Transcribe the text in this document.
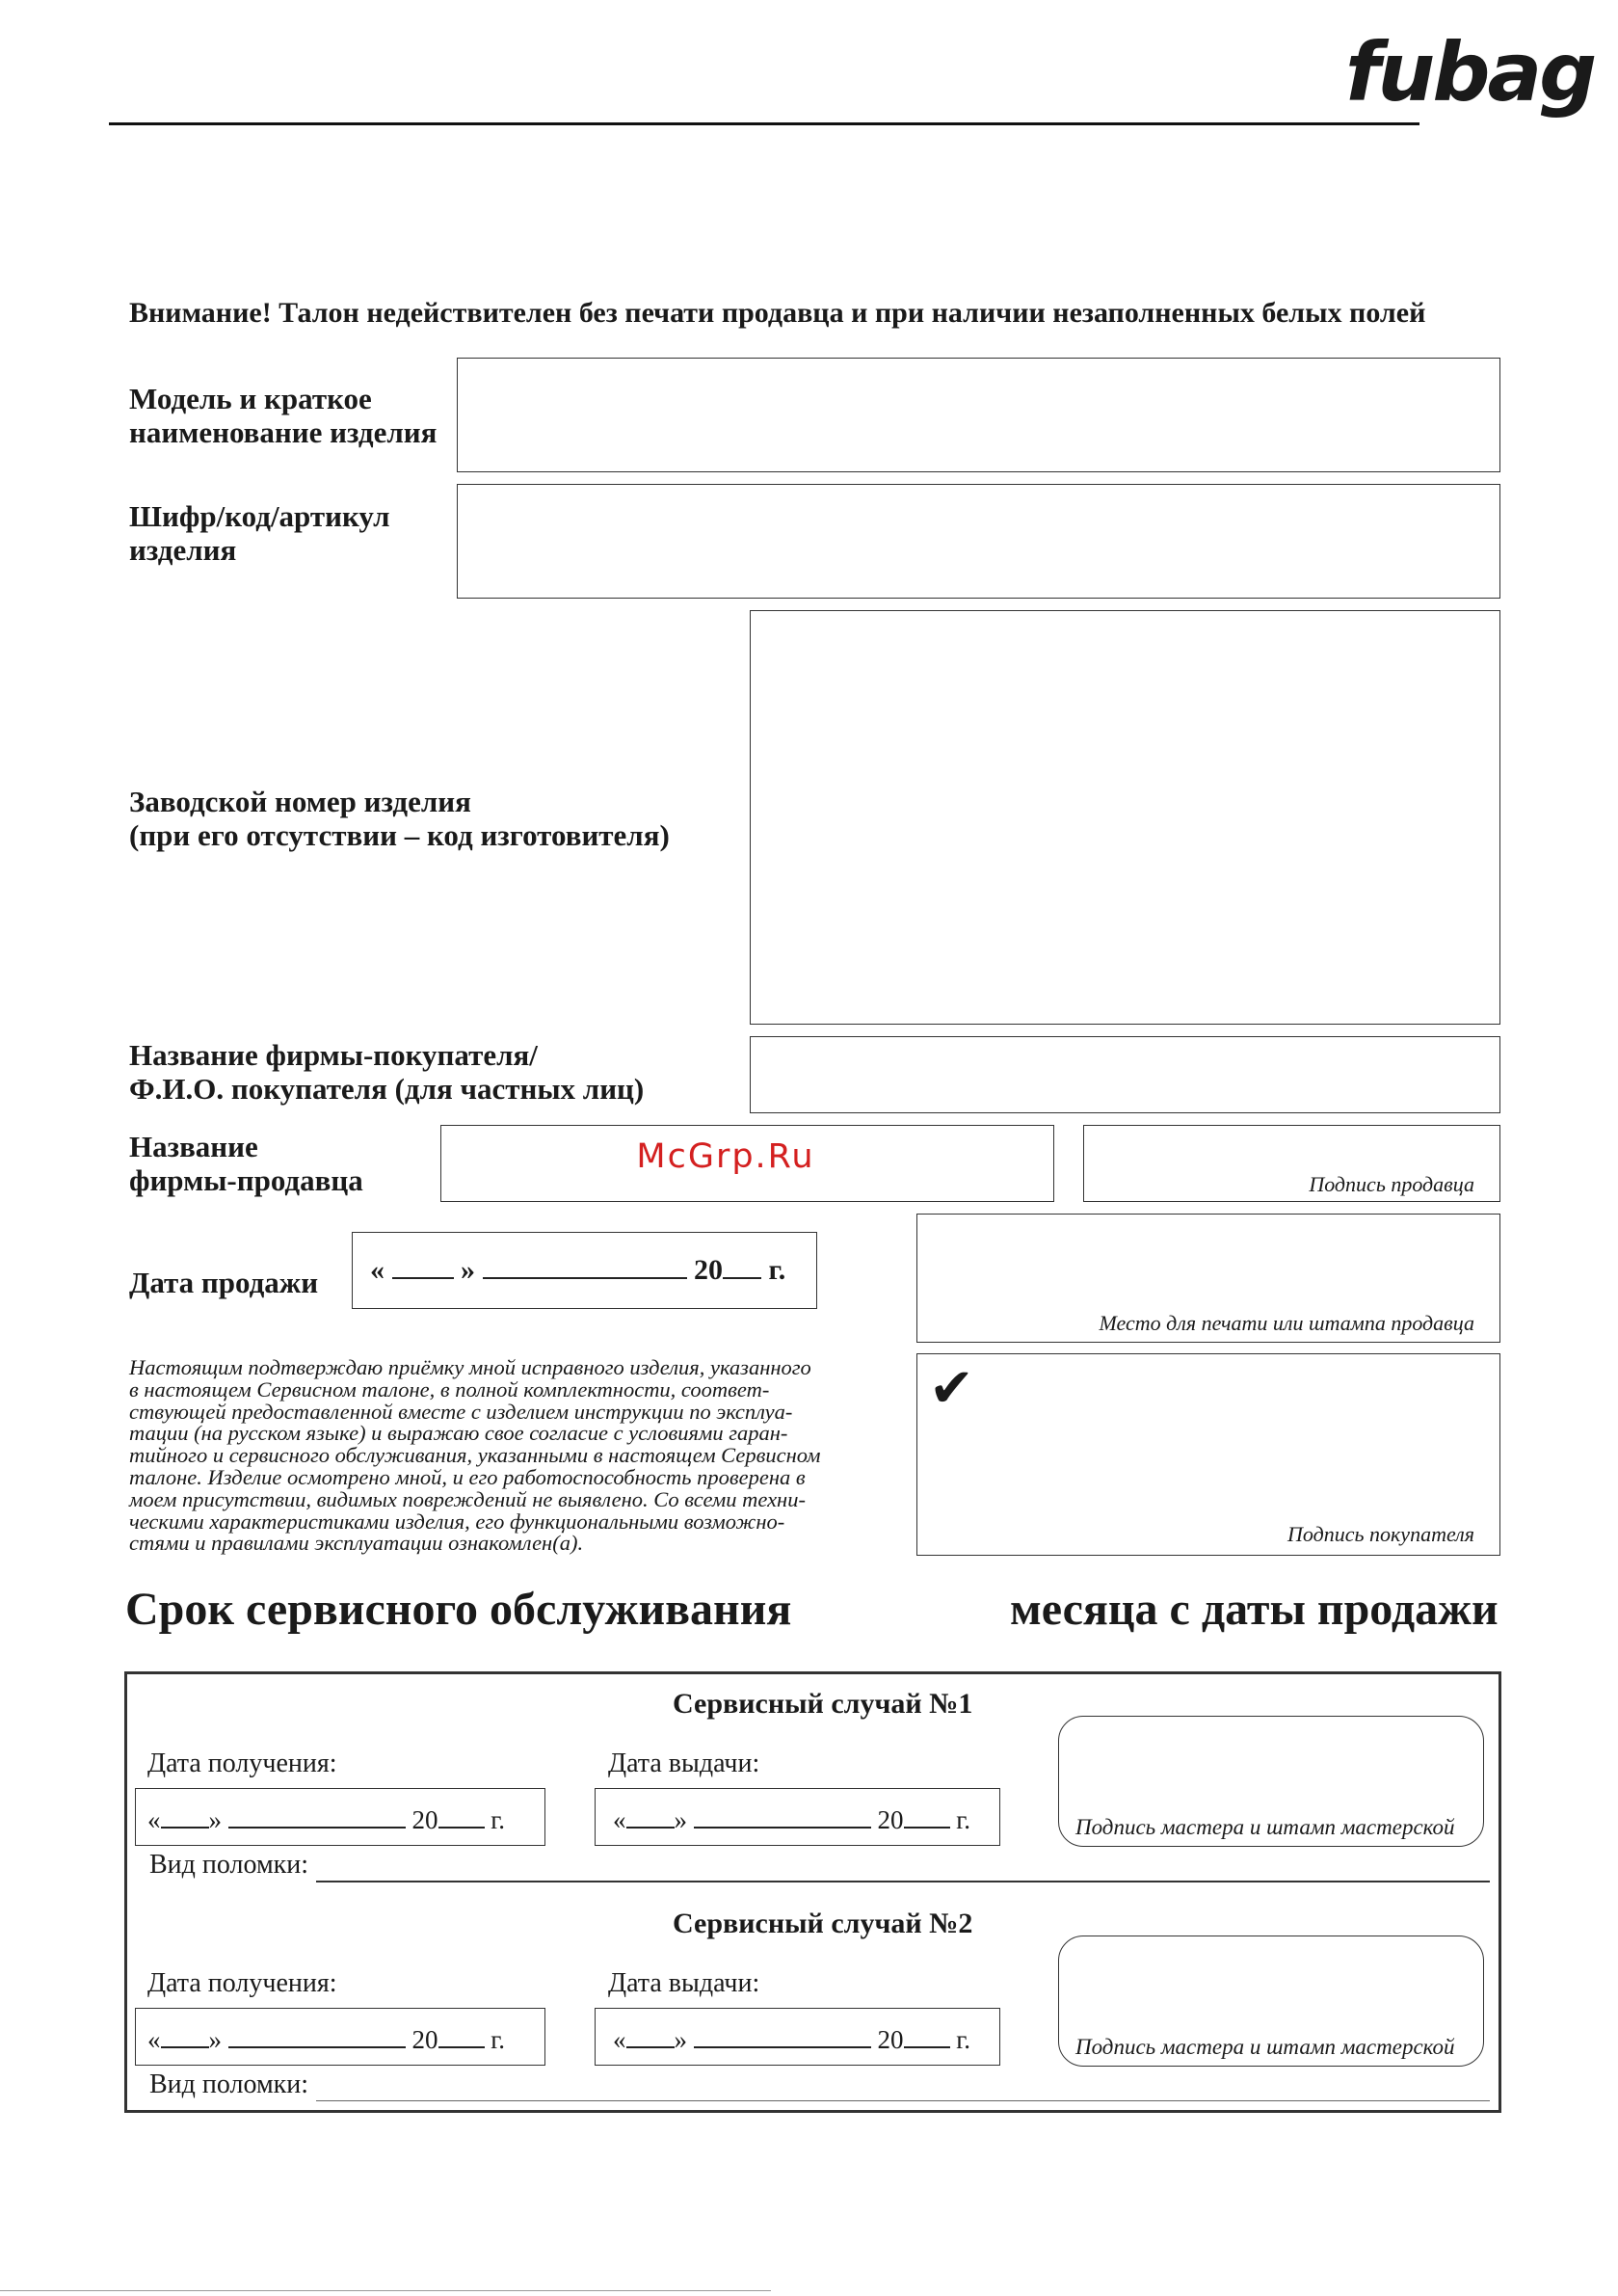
fubag
Внимание! Талон недействителен без печати продавца и при наличии незаполненных белых полей
Модель и краткое
наименование изделия
Шифр/код/артикул
изделия
Заводской номер изделия
(при его отсутствии – код изготовителя)
Название фирмы-покупателя/
Ф.И.О. покупателя (для частных лиц)
Название
фирмы-продавца
McGrp.Ru
Подпись продавца
Дата продажи	«	»	20 г.
Место для печати или штампа продавца
Настоящим подтверждаю приёмку мной исправного изделия, указанного
в настоящем Сервисном талоне, в полной комплектности, соответ-
ствующей предоставленной вместе с изделием инструкции по эксплуа-
тации (на русском языке) и выражаю свое согласие с условиями гаран-
тийного и сервисного обслуживания, указанными в настоящем Сервисном
талоне. Изделие осмотрено мной, и его работоспособность проверена в
моем присутствии, видимых повреждений не выявлено. Со всеми техни-
ческими характеристиками изделия, его функциональными возможно-
стями и правилами эксплуатации ознакомлен(а).
✔
Подпись покупателя
Срок сервисного обслуживания	месяца с даты продажи
Сервисный случай №1
Дата получения:	Дата выдачи:
« »	20 г.	« »	20 г.	Подпись мастера и штамп мастерской
Вид поломки:
Сервисный случай №2
Дата получения:	Дата выдачи:
« »	20 г.	« »	20 г.	Подпись мастера и штамп мастерской
Вид поломки:
